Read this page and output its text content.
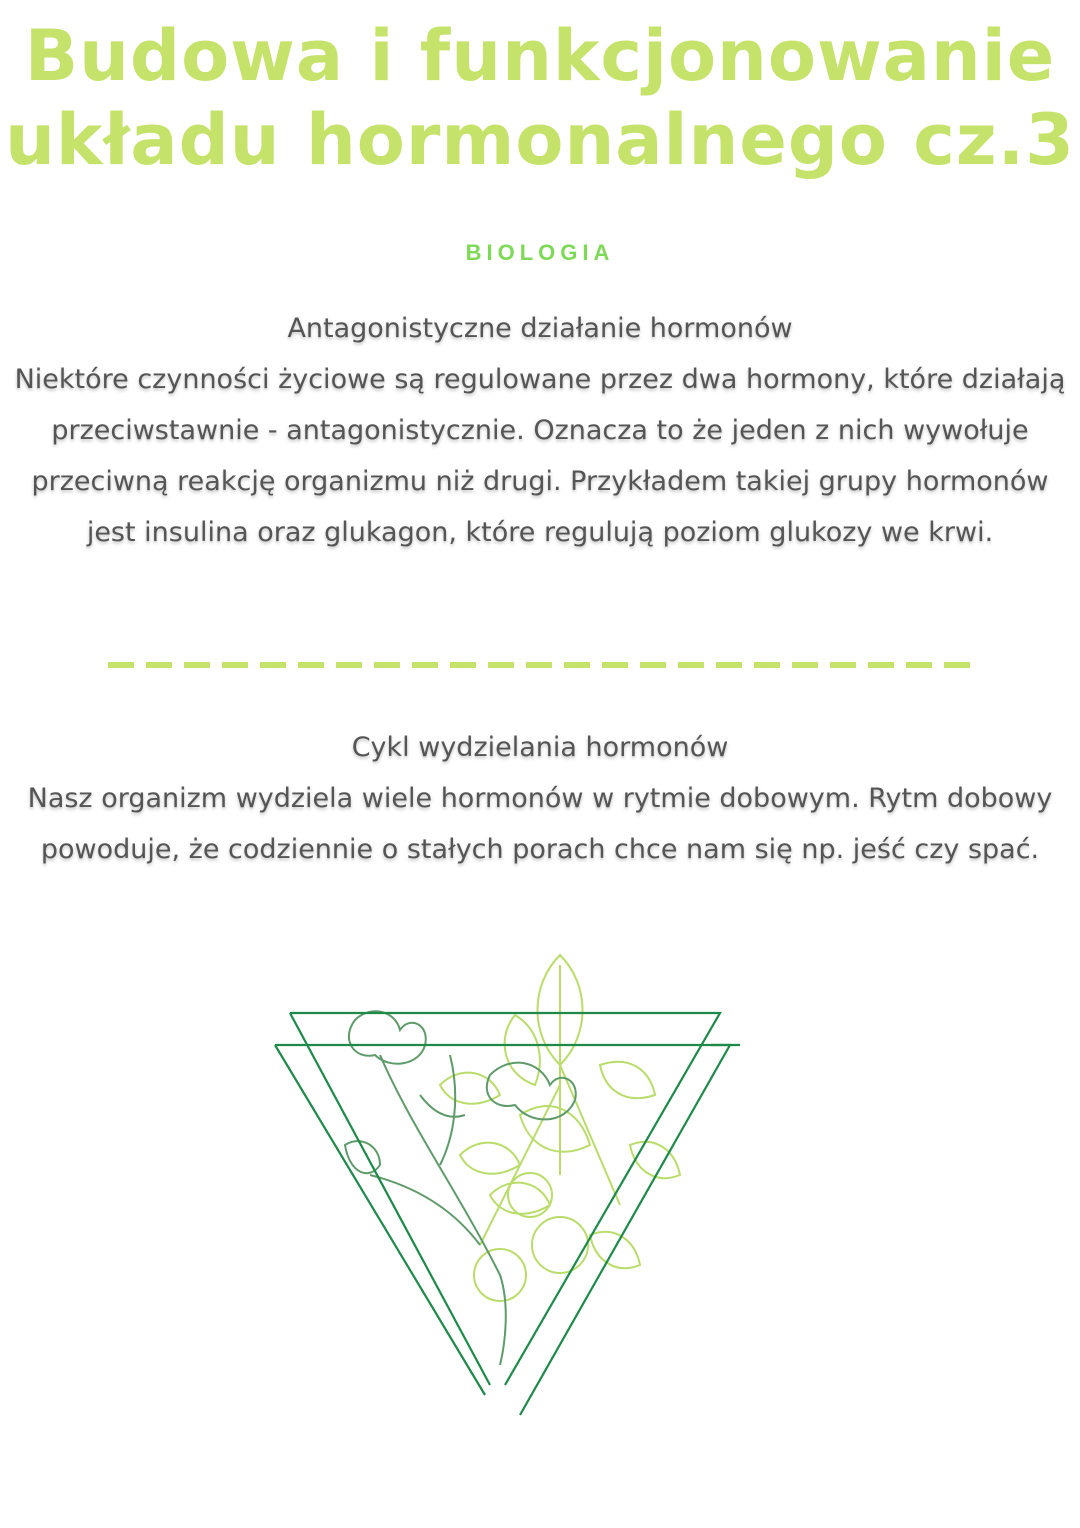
Budowa i funkcjonowanie
układu hormonalnego cz.3
BIOLOGIA
Antagonistyczne działanie hormonów
Niektóre czynności życiowe są regulowane przez dwa hormony, które działają przeciwstawnie - antagonistycznie. Oznacza to że jeden z nich wywołuje przeciwną reakcję organizmu niż drugi. Przykładem takiej grupy hormonów jest insulina oraz glukagon, które regulują poziom glukozy we krwi.
Cykl wydzielania hormonów
Nasz organizm wydziela wiele hormonów w rytmie dobowym. Rytm dobowy powoduje, że codziennie o stałych porach chce nam się np. jeść czy spać.
